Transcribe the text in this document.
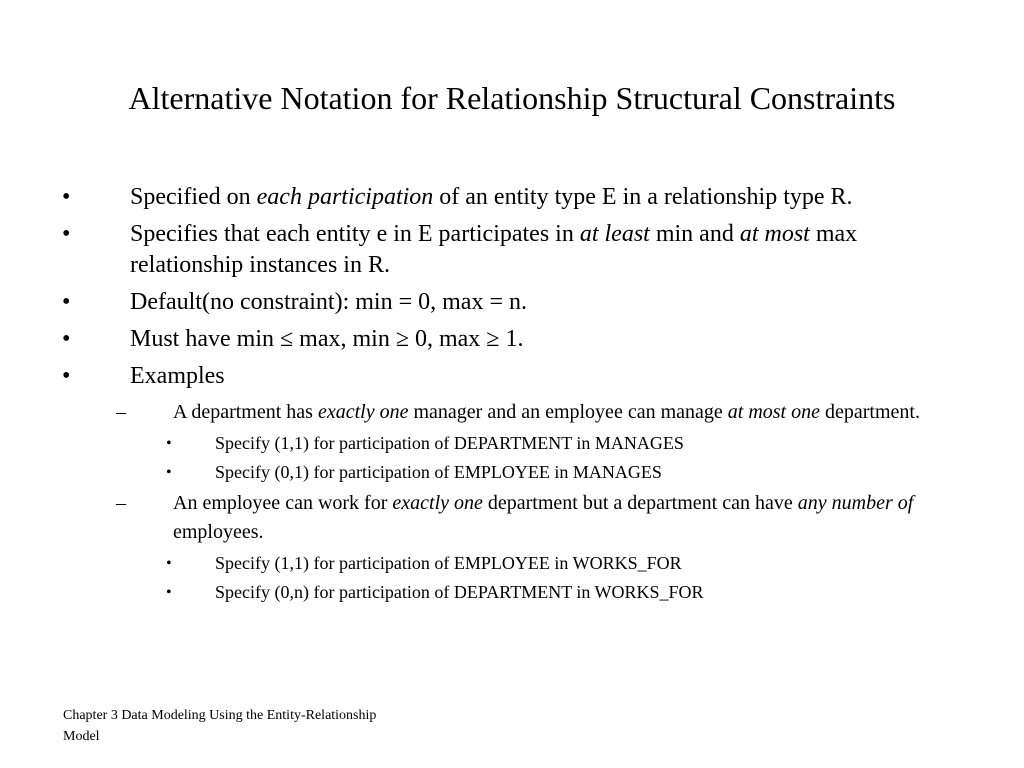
Alternative Notation for Relationship Structural Constraints
• Specified on each participation of an entity type E in a relationship type R.
• Specifies that each entity e in E participates in at least min and at most max relationship instances in R.
• Default(no constraint): min = 0, max = n.
• Must have min ≤ max, min ≥ 0, max ≥ 1.
• Examples
– A department has exactly one manager and an employee can manage at most one department.
• Specify (1,1) for participation of DEPARTMENT in MANAGES
• Specify (0,1) for participation of EMPLOYEE in MANAGES
– An employee can work for exactly one department but a department can have any number of employees.
• Specify (1,1) for participation of EMPLOYEE in WORKS_FOR
• Specify (0,n) for participation of DEPARTMENT in WORKS_FOR
Chapter 3 Data Modeling Using the Entity-Relationship Model
